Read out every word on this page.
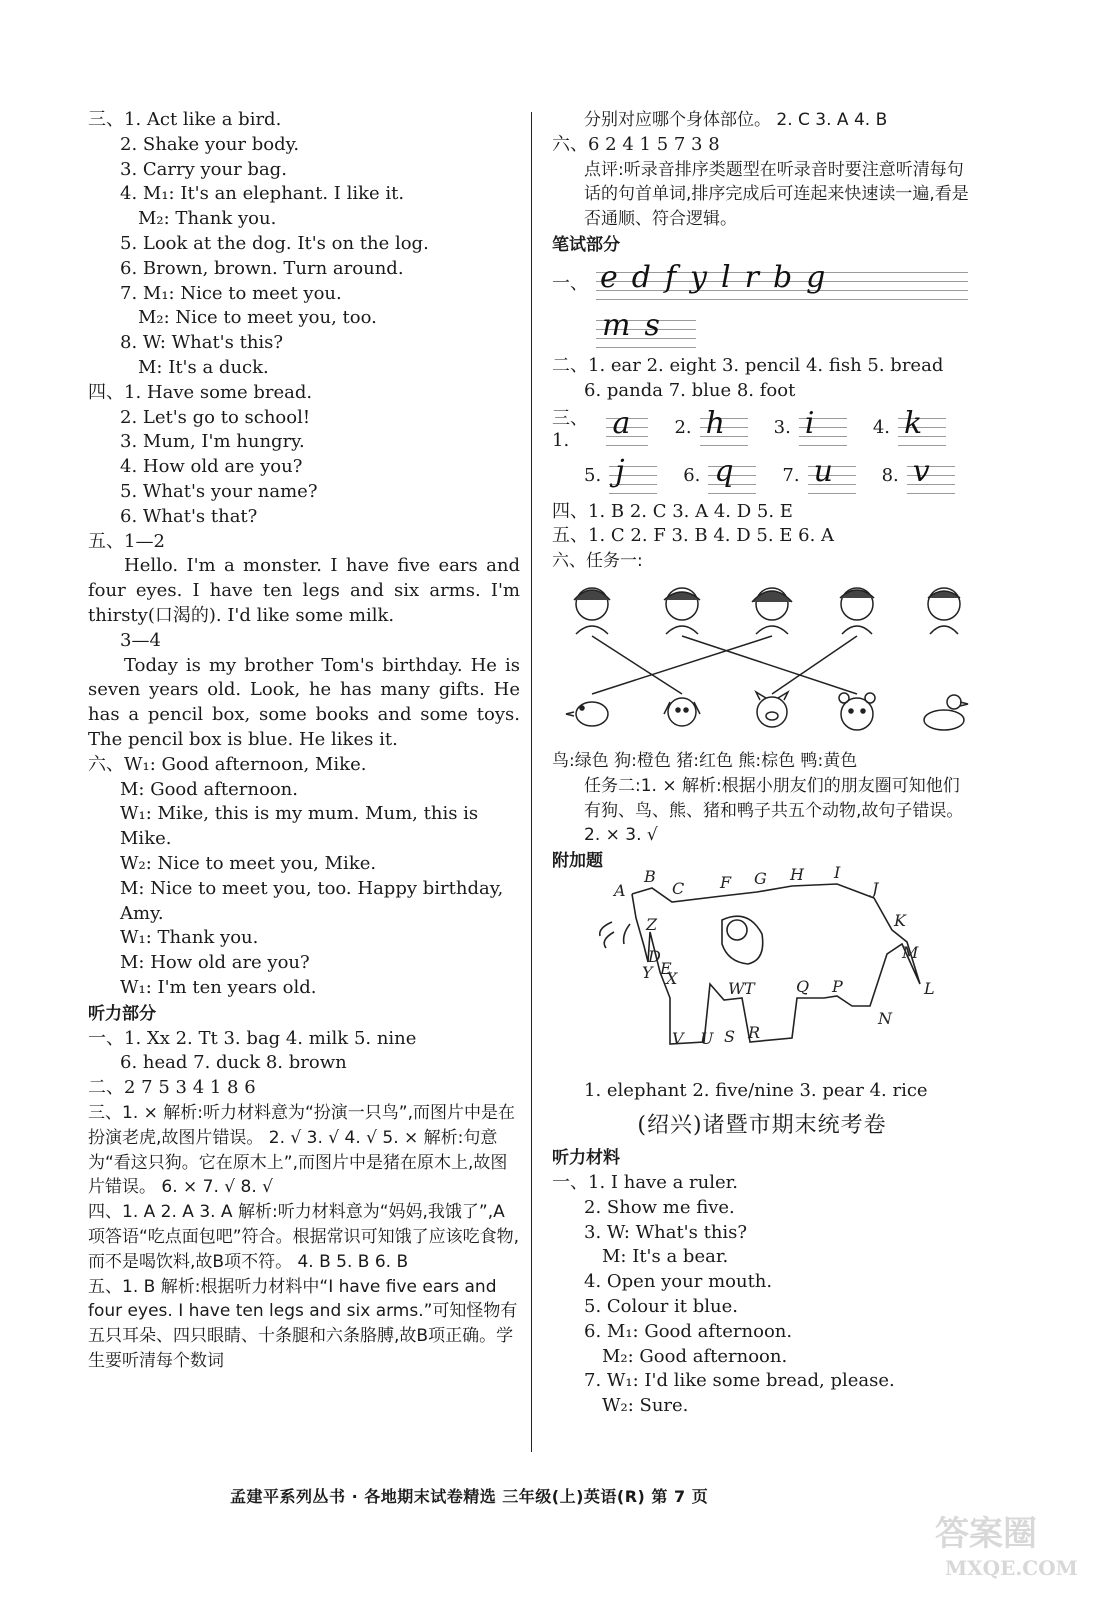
三、1. Act like a bird.
2. Shake your body.
3. Carry your bag.
4. M₁: It's an elephant. I like it.
M₂: Thank you.
5. Look at the dog. It's on the log.
6. Brown, brown. Turn around.
7. M₁: Nice to meet you.
M₂: Nice to meet you, too.
8. W: What's this?
M: It's a duck.
四、1. Have some bread.
2. Let's go to school!
3. Mum, I'm hungry.
4. How old are you?
5. What's your name?
6. What's that?
五、1—2
Hello. I'm a monster. I have five ears and four eyes. I have ten legs and six arms. I'm thirsty(口渴的). I'd like some milk.
3—4
Today is my brother Tom's birthday. He is seven years old. Look, he has many gifts. He has a pencil box, some books and some toys. The pencil box is blue. He likes it.
六、W₁: Good afternoon, Mike.
M: Good afternoon.
W₁: Mike, this is my mum. Mum, this is Mike.
W₂: Nice to meet you, Mike.
M: Nice to meet you, too. Happy birthday, Amy.
W₁: Thank you.
M: How old are you?
W₁: I'm ten years old.
听力部分
一、1. Xx 2. Tt 3. bag 4. milk 5. nine
6. head 7. duck 8. brown
二、2 7 5 3 4 1 8 6
三、1. × 解析:听力材料意为“扮演一只鸟”,而图片中是在扮演老虎,故图片错误。 2. √ 3. √ 4. √ 5. × 解析:句意为“看这只狗。它在原木上”,而图片中是猪在原木上,故图片错误。 6. × 7. √ 8. √
四、1. A 2. A 3. A 解析:听力材料意为“妈妈,我饿了”,A项答语“吃点面包吧”符合。根据常识可知饿了应该吃食物,而不是喝饮料,故B项不符。 4. B 5. B 6. B
五、1. B 解析:根据听力材料中“I have five ears and four eyes. I have ten legs and six arms.”可知怪物有五只耳朵、四只眼睛、十条腿和六条胳膊,故B项正确。学生要听清每个数词
分别对应哪个身体部位。 2. C 3. A 4. B
六、6 2 4 1 5 7 3 8
点评:听录音排序类题型在听录音时要注意听清每句话的句首单词,排序完成后可连起来快速读一遍,看是否通顺、符合逻辑。
笔试部分
一、 edfylrbg
ms
二、1. ear 2. eight 3. pencil 4. fish 5. bread
6. panda 7. blue 8. foot
三、1.	a 2. h	3. i	4. k
5. j	6. q	7. u	8. v
四、1. B 2. C 3. A 4. D 5. E
五、1. C 2. F 3. B 4. D 5. E 6. A
六、任务一:
鸟:绿色 狗:橙色 猪:红色 熊:棕色 鸭:黄色
任务二:1. × 解析:根据小朋友们的朋友圈可知他们有狗、鸟、熊、猪和鸭子共五个动物,故句子错误。 2. × 3. √
附加题
A
B
C
D
E
F G H I
J
K
L
M
N
P
Q
R
S
T
U
V
W
X
Y
Z
1. elephant 2. five/nine 3. pear 4. rice
(绍兴)诸暨市期末统考卷
听力材料
一、1. I have a ruler.
2. Show me five.
3. W: What's this?
M: It's a bear.
4. Open your mouth.
5. Colour it blue.
6. M₁: Good afternoon.
M₂: Good afternoon.
7. W₁: I'd like some bread, please.
W₂: Sure.
孟建平系列丛书 · 各地期末试卷精选 三年级(上)英语(R) 第 7 页
答案圈
MXQE.COM
